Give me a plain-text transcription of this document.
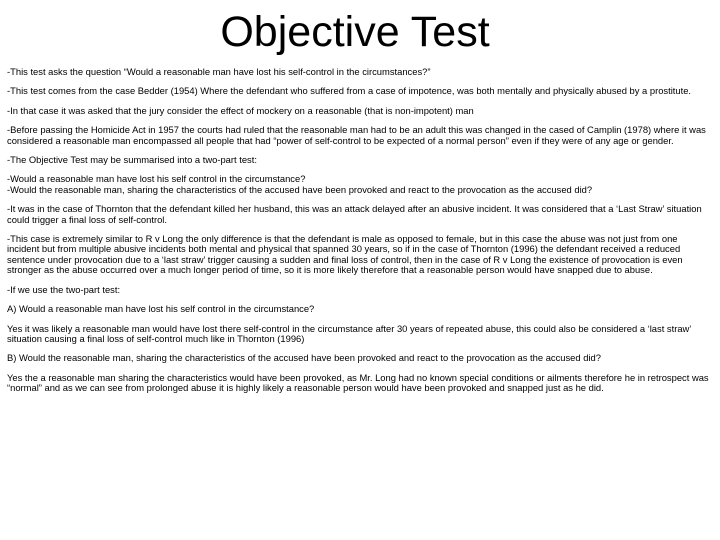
Objective Test

-This test asks the question “Would a reasonable man have lost his self-control in the circumstances?”

-This test comes from the case Bedder (1954) Where the defendant who suffered from a case of impotence, was both mentally and physically abused by a prostitute.

-In that case it was asked that the jury consider the effect of mockery on a reasonable (that is non-impotent) man

-Before passing the Homicide Act in 1957 the courts had ruled that the reasonable man had to be an adult this was changed in the cased of Camplin (1978) where it was considered a reasonable man encompassed all people that had “power of self-control to be expected of a normal person” even if they were of any age or gender.

-The Objective Test may be summarised into a two-part test:

-Would a reasonable man have lost his self control in the circumstance?

-Would the reasonable man, sharing the characteristics of the accused have been provoked and react to the provocation as the accused did?

-It was in the case of Thornton that the defendant killed her husband, this was an attack delayed after an abusive incident. It was considered that a ‘Last Straw’ situation could trigger a final loss of self-control.

-This case is extremely similar to R v Long the only difference is that the defendant is male as opposed to female, but in this case the abuse was not just from one incident but from multiple abusive incidents both mental and physical that spanned 30 years, so if in the case of Thornton (1996) the defendant received a reduced sentence under provocation due to a ‘last straw’ trigger causing a sudden and final loss of control, then in the case of R v Long the existence of provocation is even stronger as the abuse occurred over a much longer period of time, so it is more likely therefore that a reasonable person would have snapped due to abuse.

-If we use the two-part test:

A) Would a reasonable man have lost his self control in the circumstance?

Yes it was likely a reasonable man would have lost there self-control in the circumstance after 30 years of repeated abuse, this could also be considered a ‘last straw’ situation causing a final loss of self-control much like in Thornton (1996)

B) Would the reasonable man, sharing the characteristics of the accused have been provoked and react to the provocation as the accused did?

Yes the a reasonable man sharing the characteristics would have been provoked, as Mr. Long had no known special conditions or ailments therefore he in retrospect was “normal” and as we can see from prolonged abuse it is highly likely a reasonable person would have been provoked and snapped just as he did.
